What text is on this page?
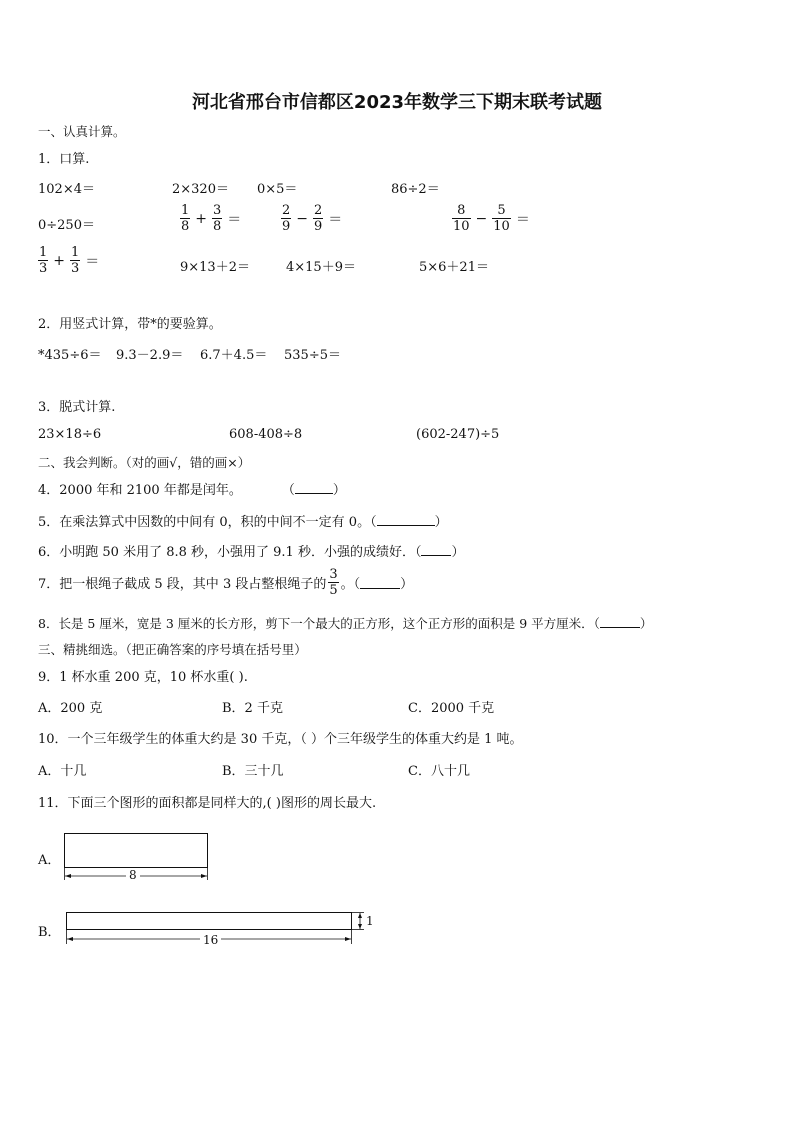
河北省邢台市信都区2023年数学三下期末联考试题
一、认真计算。
1．口算.
102×4＝	2×320＝ 0×5＝	86÷2＝
0÷250＝	$\frac{1}{8} + \frac{3}{8}$ ＝	$\frac{2}{9} - \frac{2}{9}$ ＝	$\frac{8}{10} - \frac{5}{10}$ ＝
$\frac{1}{3} + \frac{1}{3}$ ＝	9×13＋2＝	4×15＋9＝	5×6＋21＝
2．用竖式计算，带*的要验算。
*435÷6＝ 9.3－2.9＝ 6.7＋4.5＝ 535÷5＝
3．脱式计算.
23×18÷6	608-408÷8	(602-247)÷5
二、我会判断。（对的画√，错的画×）
4．2000 年和 2100 年都是闰年。	（	）
5．在乘法算式中因数的中间有 0，积的中间不一定有 0。（	）
6．小明跑 50 米用了 8.8 秒，小强用了 9.1 秒．小强的成绩好．（ ）
7．把一根绳子截成 5 段，其中 3 段占整根绳子的 $\frac{3}{5}$ 。（	）
8．长是 5 厘米，宽是 3 厘米的长方形，剪下一个最大的正方形，这个正方形的面积是 9 平方厘米．（	）
三、精挑细选。（把正确答案的序号填在括号里）
9．1 杯水重 200 克，10 杯水重( ).
A．200 克	B．2 千克	C．2000 千克
10．一个三年级学生的体重大约是 30 千克，（ ）个三年级学生的体重大约是 1 吨。
A．十几	B．三十几	C．八十几
11．下面三个图形的面积都是同样大的,( )图形的周长最大.
A．
8
B．	16
1
